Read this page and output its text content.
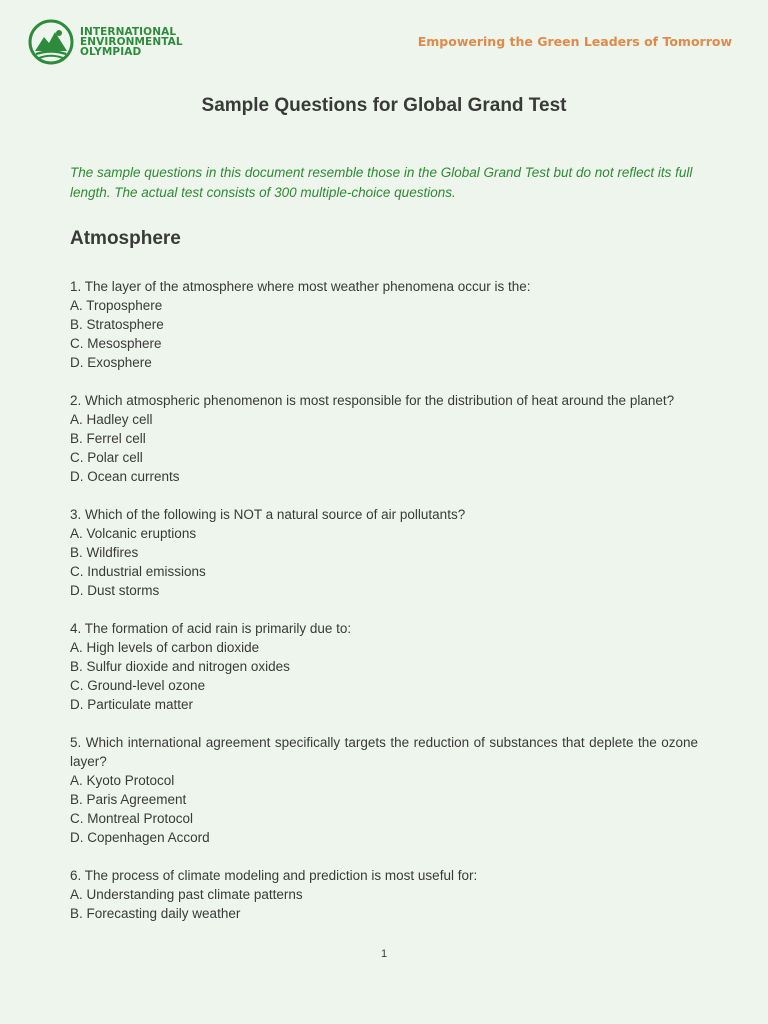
INTERNATIONAL
ENVIRONMENTAL
OLYMPIAD
Empowering the Green Leaders of Tomorrow
Sample Questions for Global Grand Test
The sample questions in this document resemble those in the Global Grand Test but do not reflect its full length. The actual test consists of 300 multiple-choice questions.
Atmosphere
1. The layer of the atmosphere where most weather phenomena occur is the:
A. Troposphere
B. Stratosphere
C. Mesosphere
D. Exosphere
2. Which atmospheric phenomenon is most responsible for the distribution of heat around the planet?
A. Hadley cell
B. Ferrel cell
C. Polar cell
D. Ocean currents
3. Which of the following is NOT a natural source of air pollutants?
A. Volcanic eruptions
B. Wildfires
C. Industrial emissions
D. Dust storms
4. The formation of acid rain is primarily due to:
A. High levels of carbon dioxide
B. Sulfur dioxide and nitrogen oxides
C. Ground-level ozone
D. Particulate matter
5. Which international agreement specifically targets the reduction of substances that deplete the ozone layer?
A. Kyoto Protocol
B. Paris Agreement
C. Montreal Protocol
D. Copenhagen Accord
6. The process of climate modeling and prediction is most useful for:
A. Understanding past climate patterns
B. Forecasting daily weather
1
